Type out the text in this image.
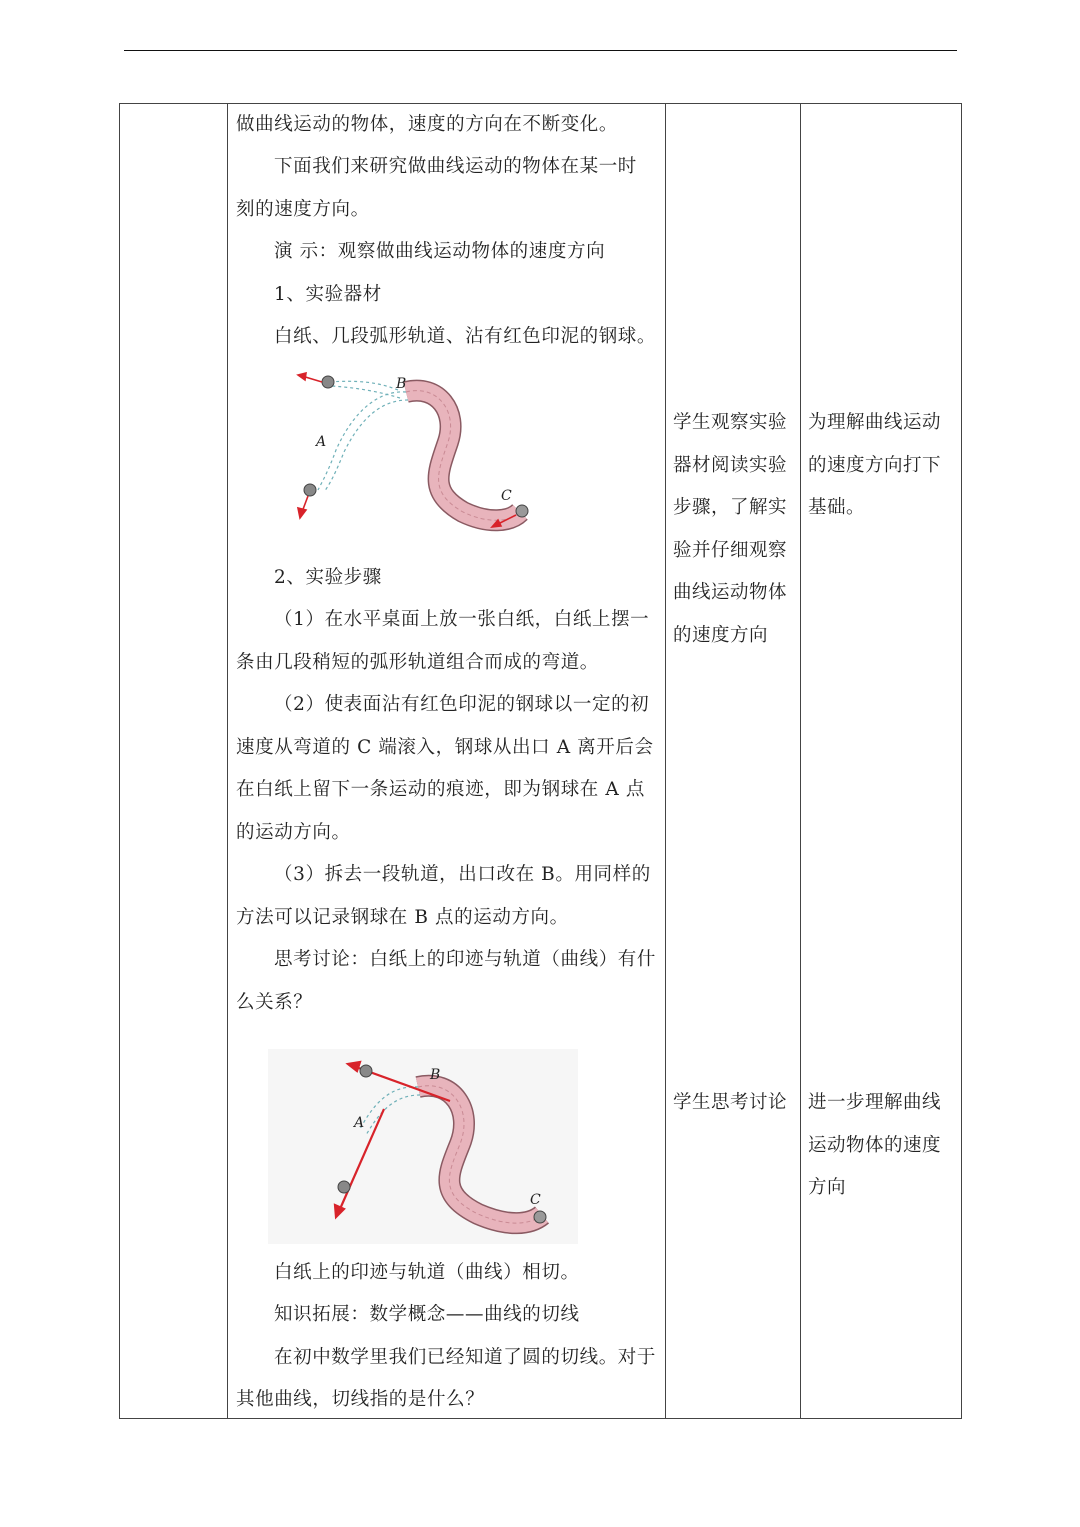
做曲线运动的物体，速度的方向在不断变化。
下面我们来研究做曲线运动的物体在某一时
刻的速度方向。
演 示：观察做曲线运动物体的速度方向
1、实验器材
白纸、几段弧形轨道、沾有红色印泥的钢球。
B
A
C
2、实验步骤
（1）在水平桌面上放一张白纸，白纸上摆一
条由几段稍短的弧形轨道组合而成的弯道。
（2）使表面沾有红色印泥的钢球以一定的初
速度从弯道的 C 端滚入，钢球从出口 A 离开后会
在白纸上留下一条运动的痕迹，即为钢球在 A 点
的运动方向。
（3）拆去一段轨道，出口改在 B。用同样的
方法可以记录钢球在 B 点的运动方向。
思考讨论：白纸上的印迹与轨道（曲线）有什
么关系？
B
A
C
白纸上的印迹与轨道（曲线）相切。
知识拓展：数学概念——曲线的切线
在初中数学里我们已经知道了圆的切线。对于
其他曲线，切线指的是什么？
学生观察实验
器材阅读实验
步骤，了解实
验并仔细观察
曲线运动物体
的速度方向
学生思考讨论
为理解曲线运动
的速度方向打下
基础。
进一步理解曲线
运动物体的速度
方向
